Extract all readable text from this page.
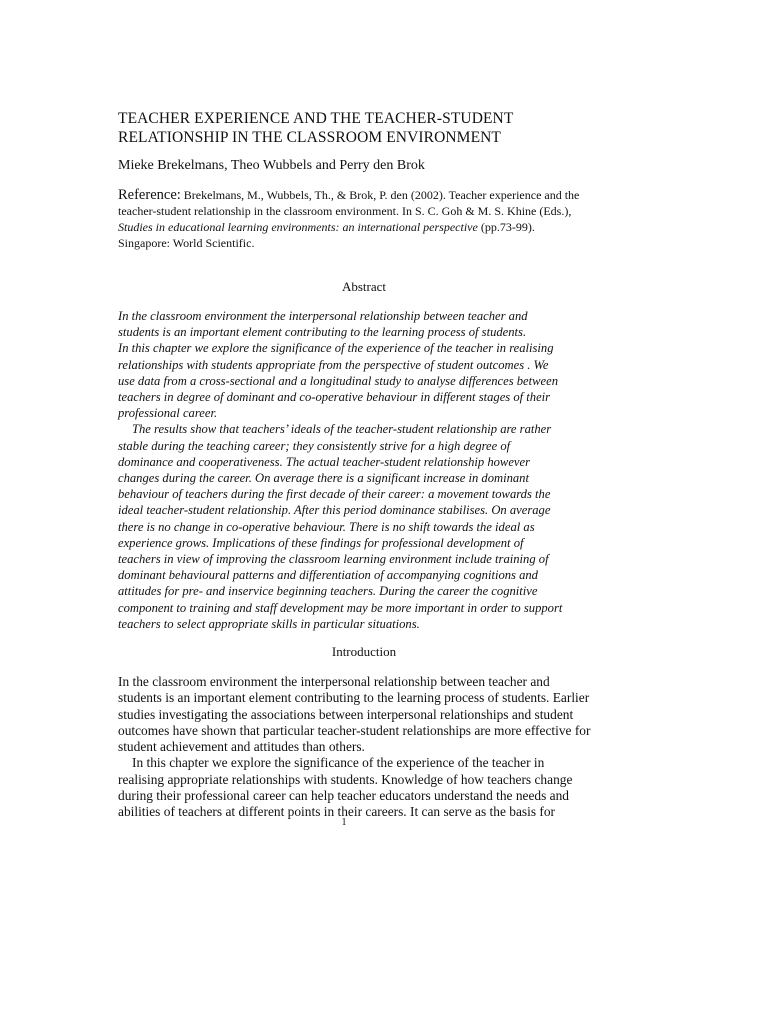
TEACHER EXPERIENCE AND THE TEACHER-STUDENT
RELATIONSHIP IN THE CLASSROOM ENVIRONMENT

Mieke Brekelmans, Theo Wubbels and Perry den Brok

Reference: Brekelmans, M., Wubbels, Th., & Brok, P. den (2002). Teacher experience and the
teacher-student relationship in the classroom environment. In S. C. Goh & M. S. Khine (Eds.),
Studies in educational learning environments: an international perspective (pp.73-99).
Singapore: World Scientific.

Abstract
In the classroom environment the interpersonal relationship between teacher and
students is an important element contributing to the learning process of students.
In this chapter we explore the significance of the experience of the teacher in realising
relationships with students appropriate from the perspective of student outcomes . We
use data from a cross-sectional and a longitudinal study to analyse differences between
teachers in degree of dominant and co-operative behaviour in different stages of their
professional career.
The results show that teachers’ ideals of the teacher-student relationship are rather
stable during the teaching career; they consistently strive for a high degree of
dominance and cooperativeness. The actual teacher-student relationship however
changes during the career. On average there is a significant increase in dominant
behaviour of teachers during the first decade of their career: a movement towards the
ideal teacher-student relationship. After this period dominance stabilises. On average
there is no change in co-operative behaviour. There is no shift towards the ideal as
experience grows. Implications of these findings for professional development of
teachers in view of improving the classroom learning environment include training of
dominant behavioural patterns and differentiation of accompanying cognitions and
attitudes for pre- and inservice beginning teachers. During the career the cognitive
component to training and staff development may be more important in order to support
teachers to select appropriate skills in particular situations.
Introduction
In the classroom environment the interpersonal relationship between teacher and
students is an important element contributing to the learning process of students. Earlier
studies investigating the associations between interpersonal relationships and student
outcomes have shown that particular teacher-student relationships are more effective for
student achievement and attitudes than others.
In this chapter we explore the significance of the experience of the teacher in
realising appropriate relationships with students. Knowledge of how teachers change
during their professional career can help teacher educators understand the needs and
abilities of teachers at different points in their careers. It can serve as the basis for
1
